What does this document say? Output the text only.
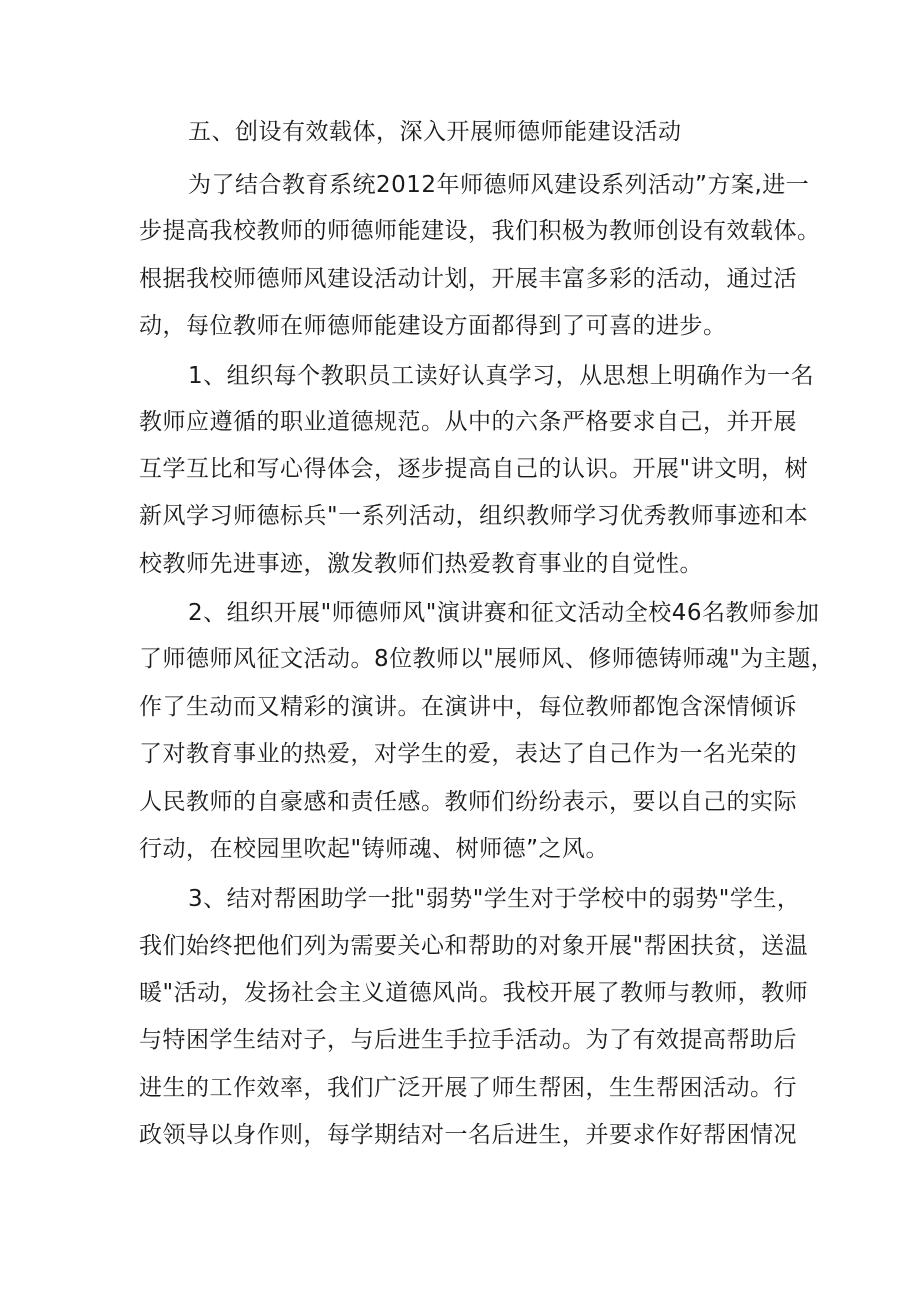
五、创设有效载体，深入开展师德师能建设活动
为了结合教育系统2012年师德师风建设系列活动”方案,进一
步提高我校教师的师德师能建设，我们积极为教师创设有效载体。
根据我校师德师风建设活动计划，开展丰富多彩的活动，通过活
动，每位教师在师德师能建设方面都得到了可喜的进步。
1、组织每个教职员工读好认真学习，从思想上明确作为一名
教师应遵循的职业道德规范。从中的六条严格要求自己，并开展
互学互比和写心得体会，逐步提高自己的认识。开展"讲文明，树
新风学习师德标兵"一系列活动，组织教师学习优秀教师事迹和本
校教师先进事迹，激发教师们热爱教育事业的自觉性。
2、组织开展"师德师风"演讲赛和征文活动全校46名教师参加
了师德师风征文活动。8位教师以"展师风、修师德铸师魂"为主题，
作了生动而又精彩的演讲。在演讲中，每位教师都饱含深情倾诉
了对教育事业的热爱，对学生的爱，表达了自己作为一名光荣的
人民教师的自豪感和责任感。教师们纷纷表示，要以自己的实际
行动，在校园里吹起"铸师魂、树师德”之风。
3、结对帮困助学一批"弱势"学生对于学校中的弱势"学生，
我们始终把他们列为需要关心和帮助的对象开展"帮困扶贫，送温
暖"活动，发扬社会主义道德风尚。我校开展了教师与教师，教师
与特困学生结对子，与后进生手拉手活动。为了有效提高帮助后
进生的工作效率，我们广泛开展了师生帮困，生生帮困活动。行
政领导以身作则，每学期结对一名后进生，并要求作好帮困情况
